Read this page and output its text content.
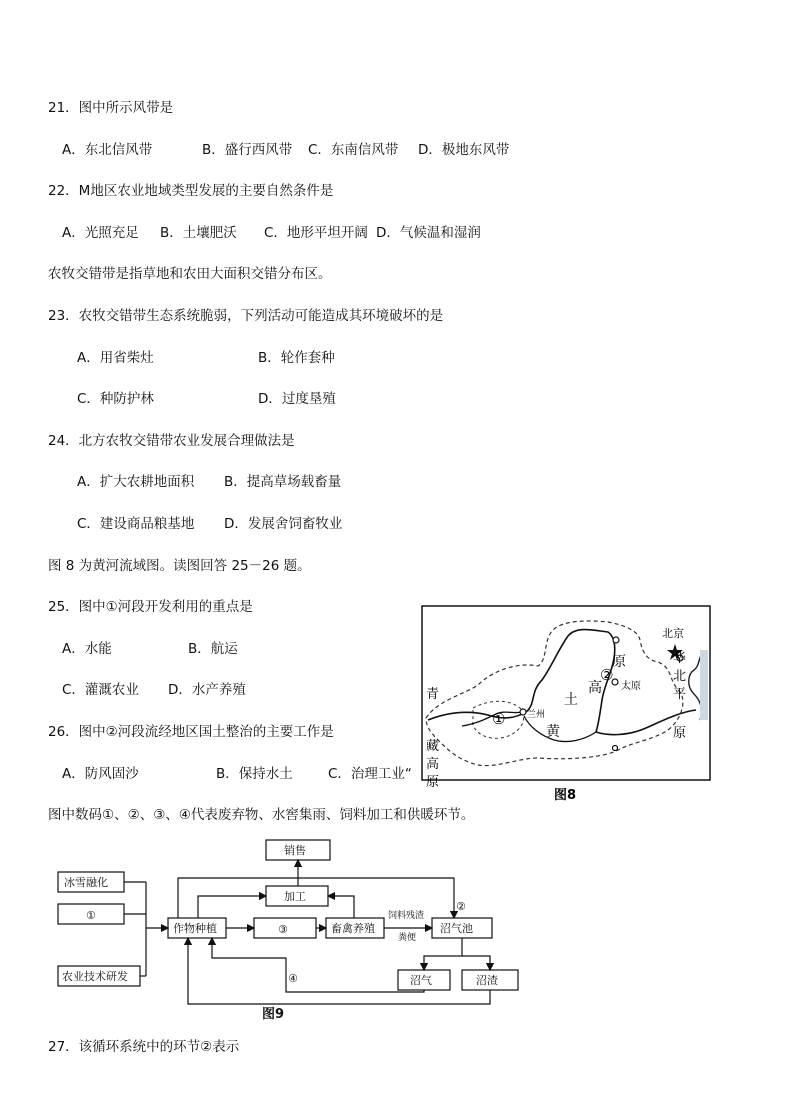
21．图中所示风带是
A．东北信风带	B．盛行西风带 C．东南信风带 D．极地东风带
22．M地区农业地域类型发展的主要自然条件是
A．光照充足 B．土壤肥沃 C．地形平坦开阔 D．气候温和湿润
农牧交错带是指草地和农田大面积交错分布区。
23．农牧交错带生态系统脆弱，下列活动可能造成其环境破坏的是
A．用省柴灶	B．轮作套种
C．种防护林	D．过度垦殖
24．北方农牧交错带农业发展合理做法是
A．扩大农耕地面积 B．提高草场载畜量
C．建设商品粮基地 D．发展舍饲畜牧业
图 8 为黄河流域图。读图回答 25－26 题。
25．图中①河段开发利用的重点是
A．水能	B．航运
C．灌溉农业 D．水产养殖
26．图中②河段流经地区国土整治的主要工作是
A．防风固沙	B．保持水土	C．治理工业“
图中数码①、②、③、④代表废弃物、水窖集雨、饲料加工和供暖环节。
27．该循环系统中的环节②表示
①
②
北京
太原
兰州
青
藏
高
原
高
土
原
黄
华
北
平
原
图8
销售
冰雪融化
①
加工
作物种植	③	畜禽养殖	沼气池
饲料残渣
粪便
②
④
农业技术研发	沼气	沼渣
图9
